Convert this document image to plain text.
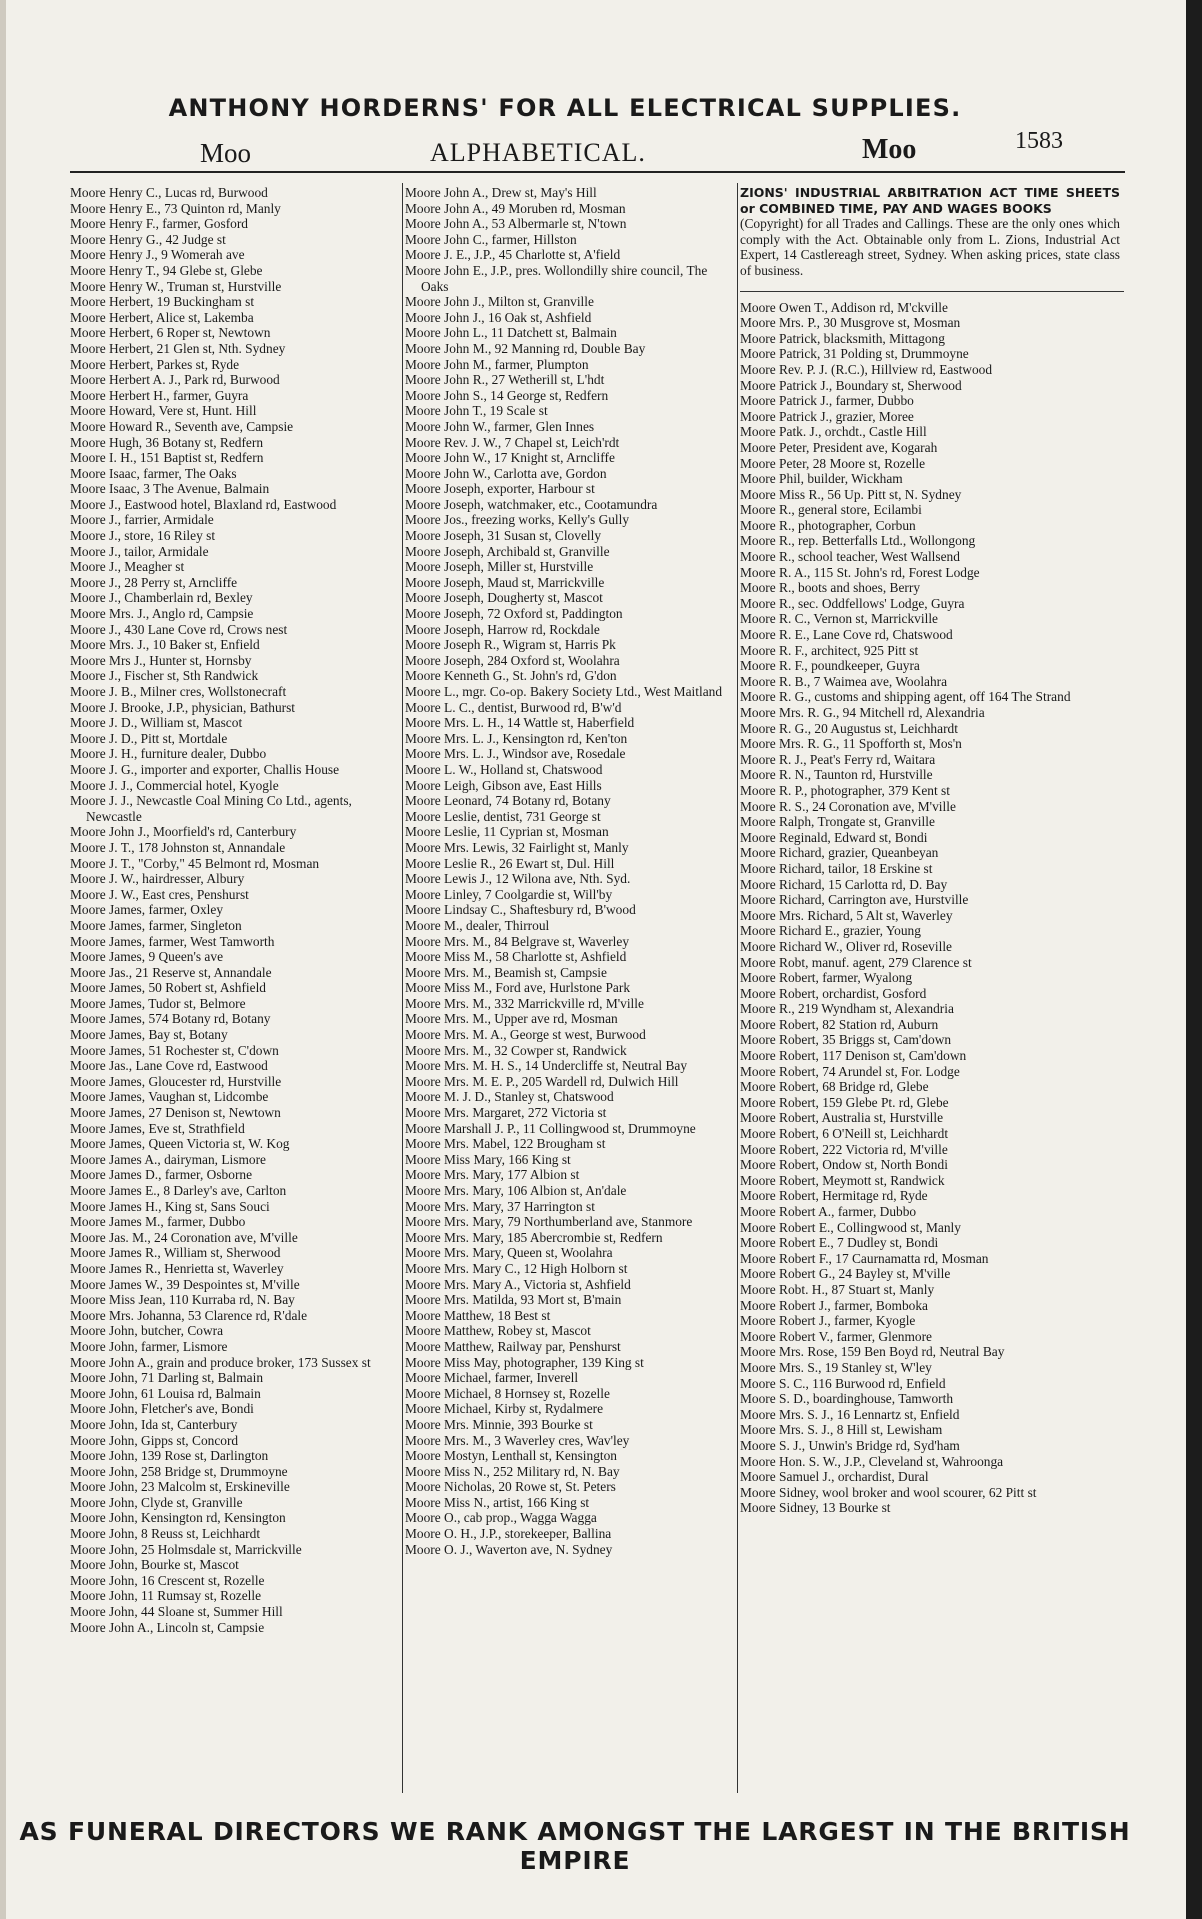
ANTHONY HORDERNS' FOR ALL ELECTRICAL SUPPLIES.
Moo	ALPHABETICAL.	Moo	1583
Moore Henry C., Lucas rd, Burwood
Moore Henry E., 73 Quinton rd, Manly
Moore Henry F., farmer, Gosford
Moore Henry G., 42 Judge st
Moore Henry J., 9 Womerah ave
Moore Henry T., 94 Glebe st, Glebe
Moore Henry W., Truman st, Hurstville
Moore Herbert, 19 Buckingham st
Moore Herbert, Alice st, Lakemba
Moore Herbert, 6 Roper st, Newtown
Moore Herbert, 21 Glen st, Nth. Sydney
Moore Herbert, Parkes st, Ryde
Moore Herbert A. J., Park rd, Burwood
Moore Herbert H., farmer, Guyra
Moore Howard, Vere st, Hunt. Hill
Moore Howard R., Seventh ave, Campsie
Moore Hugh, 36 Botany st, Redfern
Moore I. H., 151 Baptist st, Redfern
Moore Isaac, farmer, The Oaks
Moore Isaac, 3 The Avenue, Balmain
Moore J., Eastwood hotel, Blaxland rd, Eastwood
Moore J., farrier, Armidale
Moore J., store, 16 Riley st
Moore J., tailor, Armidale
Moore J., Meagher st
Moore J., 28 Perry st, Arncliffe
Moore J., Chamberlain rd, Bexley
Moore Mrs. J., Anglo rd, Campsie
Moore J., 430 Lane Cove rd, Crows nest
Moore Mrs. J., 10 Baker st, Enfield
Moore Mrs J., Hunter st, Hornsby
Moore J., Fischer st, Sth Randwick
Moore J. B., Milner cres, Wollstonecraft
Moore J. Brooke, J.P., physician, Bathurst
Moore J. D., William st, Mascot
Moore J. D., Pitt st, Mortdale
Moore J. H., furniture dealer, Dubbo
Moore J. G., importer and exporter, Challis House
Moore J. J., Commercial hotel, Kyogle
Moore J. J., Newcastle Coal Mining Co Ltd., agents, Newcastle
Moore John J., Moorfield's rd, Canterbury
Moore J. T., 178 Johnston st, Annandale
Moore J. T., "Corby," 45 Belmont rd, Mosman
Moore J. W., hairdresser, Albury
Moore J. W., East cres, Penshurst
Moore James, farmer, Oxley
Moore James, farmer, Singleton
Moore James, farmer, West Tamworth
Moore James, 9 Queen's ave
Moore Jas., 21 Reserve st, Annandale
Moore James, 50 Robert st, Ashfield
Moore James, Tudor st, Belmore
Moore James, 574 Botany rd, Botany
Moore James, Bay st, Botany
Moore James, 51 Rochester st, C'down
Moore Jas., Lane Cove rd, Eastwood
Moore James, Gloucester rd, Hurstville
Moore James, Vaughan st, Lidcombe
Moore James, 27 Denison st, Newtown
Moore James, Eve st, Strathfield
Moore James, Queen Victoria st, W. Kog
Moore James A., dairyman, Lismore
Moore James D., farmer, Osborne
Moore James E., 8 Darley's ave, Carlton
Moore James H., King st, Sans Souci
Moore James M., farmer, Dubbo
Moore Jas. M., 24 Coronation ave, M'ville
Moore James R., William st, Sherwood
Moore James R., Henrietta st, Waverley
Moore James W., 39 Despointes st, M'ville
Moore Miss Jean, 110 Kurraba rd, N. Bay
Moore Mrs. Johanna, 53 Clarence rd, R'dale
Moore John, butcher, Cowra
Moore John, farmer, Lismore
Moore John A., grain and produce broker, 173 Sussex st
Moore John, 71 Darling st, Balmain
Moore John, 61 Louisa rd, Balmain
Moore John, Fletcher's ave, Bondi
Moore John, Ida st, Canterbury
Moore John, Gipps st, Concord
Moore John, 139 Rose st, Darlington
Moore John, 258 Bridge st, Drummoyne
Moore John, 23 Malcolm st, Erskineville
Moore John, Clyde st, Granville
Moore John, Kensington rd, Kensington
Moore John, 8 Reuss st, Leichhardt
Moore John, 25 Holmsdale st, Marrickville
Moore John, Bourke st, Mascot
Moore John, 16 Crescent st, Rozelle
Moore John, 11 Rumsay st, Rozelle
Moore John, 44 Sloane st, Summer Hill
Moore John A., Lincoln st, Campsie
Moore John A., Drew st, May's Hill
Moore John A., 49 Moruben rd, Mosman
Moore John A., 53 Albermarle st, N'town
Moore John C., farmer, Hillston
Moore J. E., J.P., 45 Charlotte st, A'field
Moore John E., J.P., pres. Wollondilly shire council, The Oaks
Moore John J., Milton st, Granville
Moore John J., 16 Oak st, Ashfield
Moore John L., 11 Datchett st, Balmain
Moore John M., 92 Manning rd, Double Bay
Moore John M., farmer, Plumpton
Moore John R., 27 Wetherill st, L'hdt
Moore John S., 14 George st, Redfern
Moore John T., 19 Scale st
Moore John W., farmer, Glen Innes
Moore Rev. J. W., 7 Chapel st, Leich'rdt
Moore John W., 17 Knight st, Arncliffe
Moore John W., Carlotta ave, Gordon
Moore Joseph, exporter, Harbour st
Moore Joseph, watchmaker, etc., Cootamundra
Moore Jos., freezing works, Kelly's Gully
Moore Joseph, 31 Susan st, Clovelly
Moore Joseph, Archibald st, Granville
Moore Joseph, Miller st, Hurstville
Moore Joseph, Maud st, Marrickville
Moore Joseph, Dougherty st, Mascot
Moore Joseph, 72 Oxford st, Paddington
Moore Joseph, Harrow rd, Rockdale
Moore Joseph R., Wigram st, Harris Pk
Moore Joseph, 284 Oxford st, Woolahra
Moore Kenneth G., St. John's rd, G'don
Moore L., mgr. Co-op. Bakery Society Ltd., West Maitland
Moore L. C., dentist, Burwood rd, B'w'd
Moore Mrs. L. H., 14 Wattle st, Haberfield
Moore Mrs. L. J., Kensington rd, Ken'ton
Moore Mrs. L. J., Windsor ave, Rosedale
Moore L. W., Holland st, Chatswood
Moore Leigh, Gibson ave, East Hills
Moore Leonard, 74 Botany rd, Botany
Moore Leslie, dentist, 731 George st
Moore Leslie, 11 Cyprian st, Mosman
Moore Mrs. Lewis, 32 Fairlight st, Manly
Moore Leslie R., 26 Ewart st, Dul. Hill
Moore Lewis J., 12 Wilona ave, Nth. Syd.
Moore Linley, 7 Coolgardie st, Will'by
Moore Lindsay C., Shaftesbury rd, B'wood
Moore M., dealer, Thirroul
Moore Mrs. M., 84 Belgrave st, Waverley
Moore Miss M., 58 Charlotte st, Ashfield
Moore Mrs. M., Beamish st, Campsie
Moore Miss M., Ford ave, Hurlstone Park
Moore Mrs. M., 332 Marrickville rd, M'ville
Moore Mrs. M., Upper ave rd, Mosman
Moore Mrs. M. A., George st west, Burwood
Moore Mrs. M., 32 Cowper st, Randwick
Moore Mrs. M. H. S., 14 Undercliffe st, Neutral Bay
Moore Mrs. M. E. P., 205 Wardell rd, Dulwich Hill
Moore M. J. D., Stanley st, Chatswood
Moore Mrs. Margaret, 272 Victoria st
Moore Marshall J. P., 11 Collingwood st, Drummoyne
Moore Mrs. Mabel, 122 Brougham st
Moore Miss Mary, 166 King st
Moore Mrs. Mary, 177 Albion st
Moore Mrs. Mary, 106 Albion st, An'dale
Moore Mrs. Mary, 37 Harrington st
Moore Mrs. Mary, 79 Northumberland ave, Stanmore
Moore Mrs. Mary, 185 Abercrombie st, Redfern
Moore Mrs. Mary, Queen st, Woolahra
Moore Mrs. Mary C., 12 High Holborn st
Moore Mrs. Mary A., Victoria st, Ashfield
Moore Mrs. Matilda, 93 Mort st, B'main
Moore Matthew, 18 Best st
Moore Matthew, Robey st, Mascot
Moore Matthew, Railway par, Penshurst
Moore Miss May, photographer, 139 King st
Moore Michael, farmer, Inverell
Moore Michael, 8 Hornsey st, Rozelle
Moore Michael, Kirby st, Rydalmere
Moore Mrs. Minnie, 393 Bourke st
Moore Mrs. M., 3 Waverley cres, Wav'ley
Moore Mostyn, Lenthall st, Kensington
Moore Miss N., 252 Military rd, N. Bay
Moore Nicholas, 20 Rowe st, St. Peters
Moore Miss N., artist, 166 King st
Moore O., cab prop., Wagga Wagga
Moore O. H., J.P., storekeeper, Ballina
Moore O. J., Waverton ave, N. Sydney
ZIONS' INDUSTRIAL ARBITRATION ACT TIME SHEETS or COMBINED TIME, PAY AND WAGES BOOKS
(Copyright) for all Trades and Callings. These are the only ones which comply with the Act. Obtainable only from L. Zions, Industrial Act Expert, 14 Castlereagh street, Sydney. When asking prices, state class of business.
Moore Owen T., Addison rd, M'ckville
Moore Mrs. P., 30 Musgrove st, Mosman
Moore Patrick, blacksmith, Mittagong
Moore Patrick, 31 Polding st, Drummoyne
Moore Rev. P. J. (R.C.), Hillview rd, Eastwood
Moore Patrick J., Boundary st, Sherwood
Moore Patrick J., farmer, Dubbo
Moore Patrick J., grazier, Moree
Moore Patk. J., orchdt., Castle Hill
Moore Peter, President ave, Kogarah
Moore Peter, 28 Moore st, Rozelle
Moore Phil, builder, Wickham
Moore Miss R., 56 Up. Pitt st, N. Sydney
Moore R., general store, Ecilambi
Moore R., photographer, Corbun
Moore R., rep. Betterfalls Ltd., Wollongong
Moore R., school teacher, West Wallsend
Moore R. A., 115 St. John's rd, Forest Lodge
Moore R., boots and shoes, Berry
Moore R., sec. Oddfellows' Lodge, Guyra
Moore R. C., Vernon st, Marrickville
Moore R. E., Lane Cove rd, Chatswood
Moore R. F., architect, 925 Pitt st
Moore R. F., poundkeeper, Guyra
Moore R. B., 7 Waimea ave, Woolahra
Moore R. G., customs and shipping agent, off 164 The Strand
Moore Mrs. R. G., 94 Mitchell rd, Alexandria
Moore R. G., 20 Augustus st, Leichhardt
Moore Mrs. R. G., 11 Spofforth st, Mos'n
Moore R. J., Peat's Ferry rd, Waitara
Moore R. N., Taunton rd, Hurstville
Moore R. P., photographer, 379 Kent st
Moore R. S., 24 Coronation ave, M'ville
Moore Ralph, Trongate st, Granville
Moore Reginald, Edward st, Bondi
Moore Richard, grazier, Queanbeyan
Moore Richard, tailor, 18 Erskine st
Moore Richard, 15 Carlotta rd, D. Bay
Moore Richard, Carrington ave, Hurstville
Moore Mrs. Richard, 5 Alt st, Waverley
Moore Richard E., grazier, Young
Moore Richard W., Oliver rd, Roseville
Moore Robt, manuf. agent, 279 Clarence st
Moore Robert, farmer, Wyalong
Moore Robert, orchardist, Gosford
Moore R., 219 Wyndham st, Alexandria
Moore Robert, 82 Station rd, Auburn
Moore Robert, 35 Briggs st, Cam'down
Moore Robert, 117 Denison st, Cam'down
Moore Robert, 74 Arundel st, For. Lodge
Moore Robert, 68 Bridge rd, Glebe
Moore Robert, 159 Glebe Pt. rd, Glebe
Moore Robert, Australia st, Hurstville
Moore Robert, 6 O'Neill st, Leichhardt
Moore Robert, 222 Victoria rd, M'ville
Moore Robert, Ondow st, North Bondi
Moore Robert, Meymott st, Randwick
Moore Robert, Hermitage rd, Ryde
Moore Robert A., farmer, Dubbo
Moore Robert E., Collingwood st, Manly
Moore Robert E., 7 Dudley st, Bondi
Moore Robert F., 17 Caurnamatta rd, Mosman
Moore Robert G., 24 Bayley st, M'ville
Moore Robt. H., 87 Stuart st, Manly
Moore Robert J., farmer, Bomboka
Moore Robert J., farmer, Kyogle
Moore Robert V., farmer, Glenmore
Moore Mrs. Rose, 159 Ben Boyd rd, Neutral Bay
Moore Mrs. S., 19 Stanley st, W'ley
Moore S. C., 116 Burwood rd, Enfield
Moore S. D., boardinghouse, Tamworth
Moore Mrs. S. J., 16 Lennartz st, Enfield
Moore Mrs. S. J., 8 Hill st, Lewisham
Moore S. J., Unwin's Bridge rd, Syd'ham
Moore Hon. S. W., J.P., Cleveland st, Wahroonga
Moore Samuel J., orchardist, Dural
Moore Sidney, wool broker and wool scourer, 62 Pitt st
Moore Sidney, 13 Bourke st
AS FUNERAL DIRECTORS WE RANK AMONGST THE LARGEST IN THE BRITISH EMPIRE
